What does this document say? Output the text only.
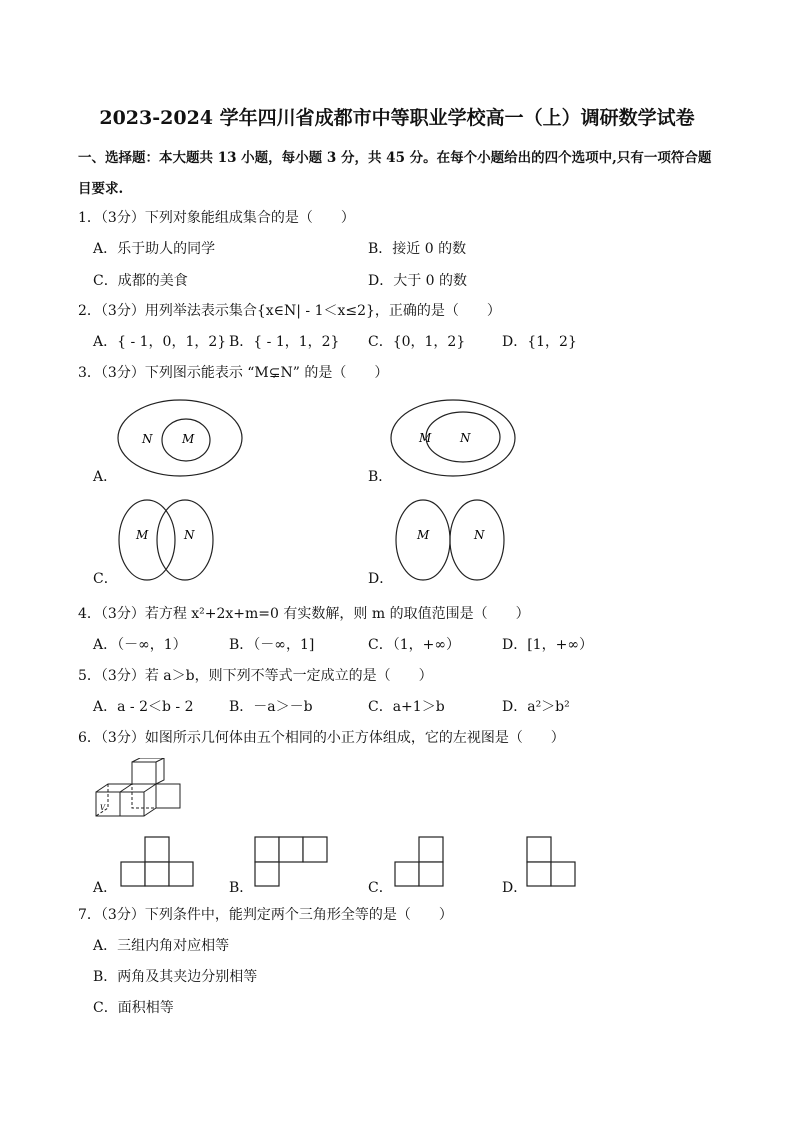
2023-2024 学年四川省成都市中等职业学校高一（上）调研数学试卷
一、选择题：本大题共 13 小题，每小题 3 分，共 45 分。在每个小题给出的四个选项中,只有一项符合题
目要求.
1．（3分）下列对象能组成集合的是（　　）
A．乐于助人的同学	B．接近 0 的数
C．成都的美食	D．大于 0 的数
2．（3分）用列举法表示集合{x∈N| - 1＜x≤2}，正确的是（　　）
A．{ - 1，0，1，2} B．{ - 1，1，2} C．{0，1，2}	D．{1，2}
3．（3分）下列图示能表示 “M⊊N” 的是（　　）
N M
A．
M N
B．
M	N
C．
M	N
D．
4．（3分）若方程 x²+2x+m=0 有实数解，则 m 的取值范围是（　　）
A．（－∞，1）	B．（－∞，1]	C．（1，+∞）	D．[1，+∞）
5．（3分）若 a＞b，则下列不等式一定成立的是（　　）
A．a - 2＜b - 2	B．－a＞－b	C．a+1＞b	D．a²＞b²
6．（3分）如图所示几何体由五个相同的小正方体组成，它的左视图是（　　）
V
A．	B．	C．	D．
7．（3分）下列条件中，能判定两个三角形全等的是（　　）
A．三组内角对应相等
B．两角及其夹边分别相等
C．面积相等
